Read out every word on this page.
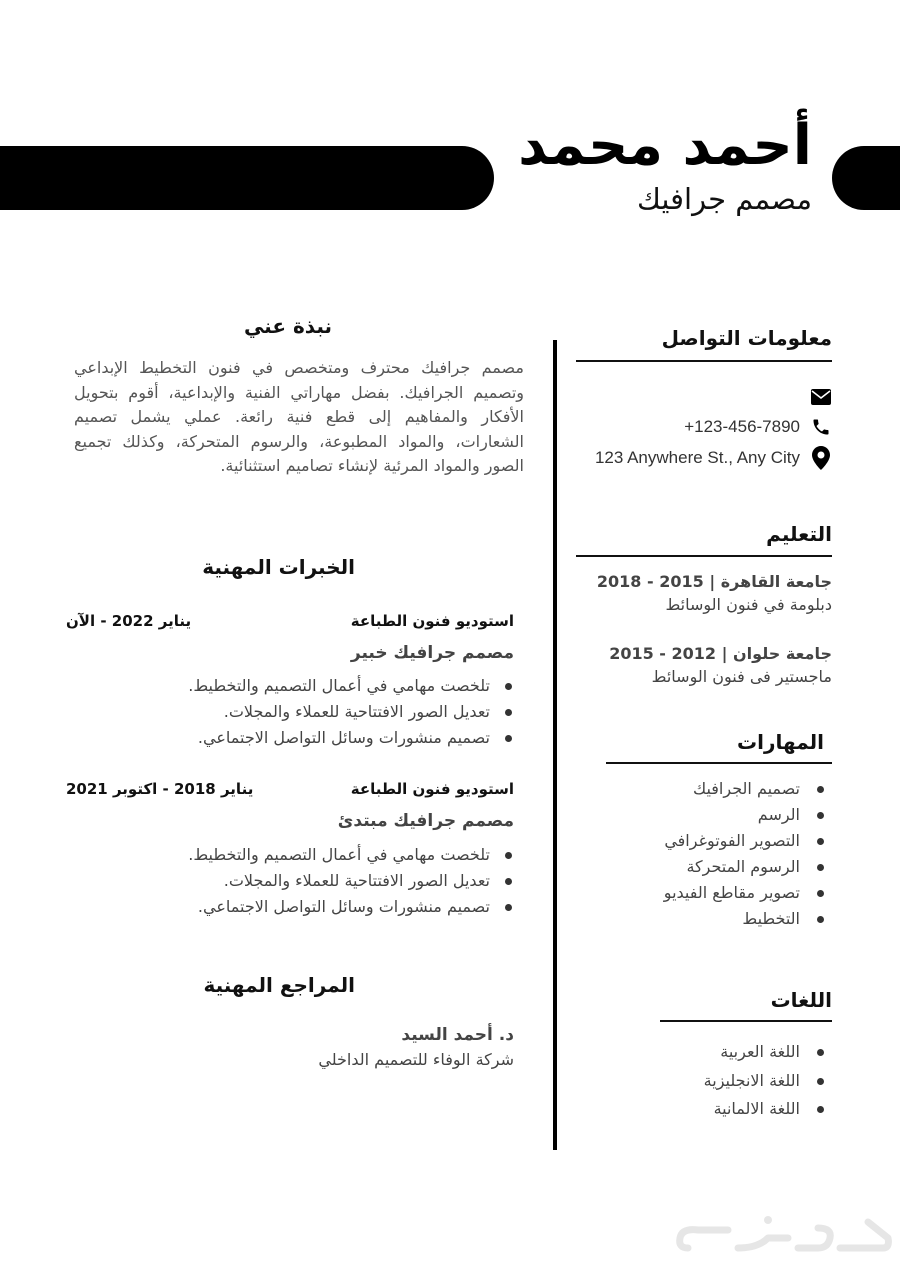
أحمد محمد
مصمم جرافيك
معلومات التواصل
+123-456-7890
123 Anywhere St., Any City
التعليم
جامعة القاهرة | 2015 - 2018
دبلومة في فنون الوسائط
جامعة حلوان | 2012 - 2015
ماجستير فى فنون الوسائط
المهارات
تصميم الجرافيك
الرسم
التصوير الفوتوغرافي
الرسوم المتحركة
تصوير مقاطع الفيديو
التخطيط
اللغات
اللغة العربية
اللغة الانجليزية
اللغة الالمانية
نبذة عني

مصمم جرافيك محترف ومتخصص في فنون التخطيط الإبداعي وتصميم الجرافيك. بفضل مهاراتي الفنية والإبداعية، أقوم بتحويل الأفكار والمفاهيم إلى قطع فنية رائعة. عملي يشمل تصميم الشعارات، والمواد المطبوعة، والرسوم المتحركة، وكذلك تجميع الصور والمواد المرئية لإنشاء تصاميم استثنائية.

الخبرات المهنية
استوديو فنون الطباعة
يناير 2022 - الآن
مصمم جرافيك خبير
تلخصت مهامي في أعمال التصميم والتخطيط.
تعديل الصور الافتتاحية للعملاء والمجلات.
تصميم منشورات وسائل التواصل الاجتماعي.
استوديو فنون الطباعة
يناير 2018 - اكتوبر 2021
مصمم جرافيك مبتدئ
تلخصت مهامي في أعمال التصميم والتخطيط.
تعديل الصور الافتتاحية للعملاء والمجلات.
تصميم منشورات وسائل التواصل الاجتماعي.
المراجع المهنية
د. أحمد السيد
شركة الوفاء للتصميم الداخلي
